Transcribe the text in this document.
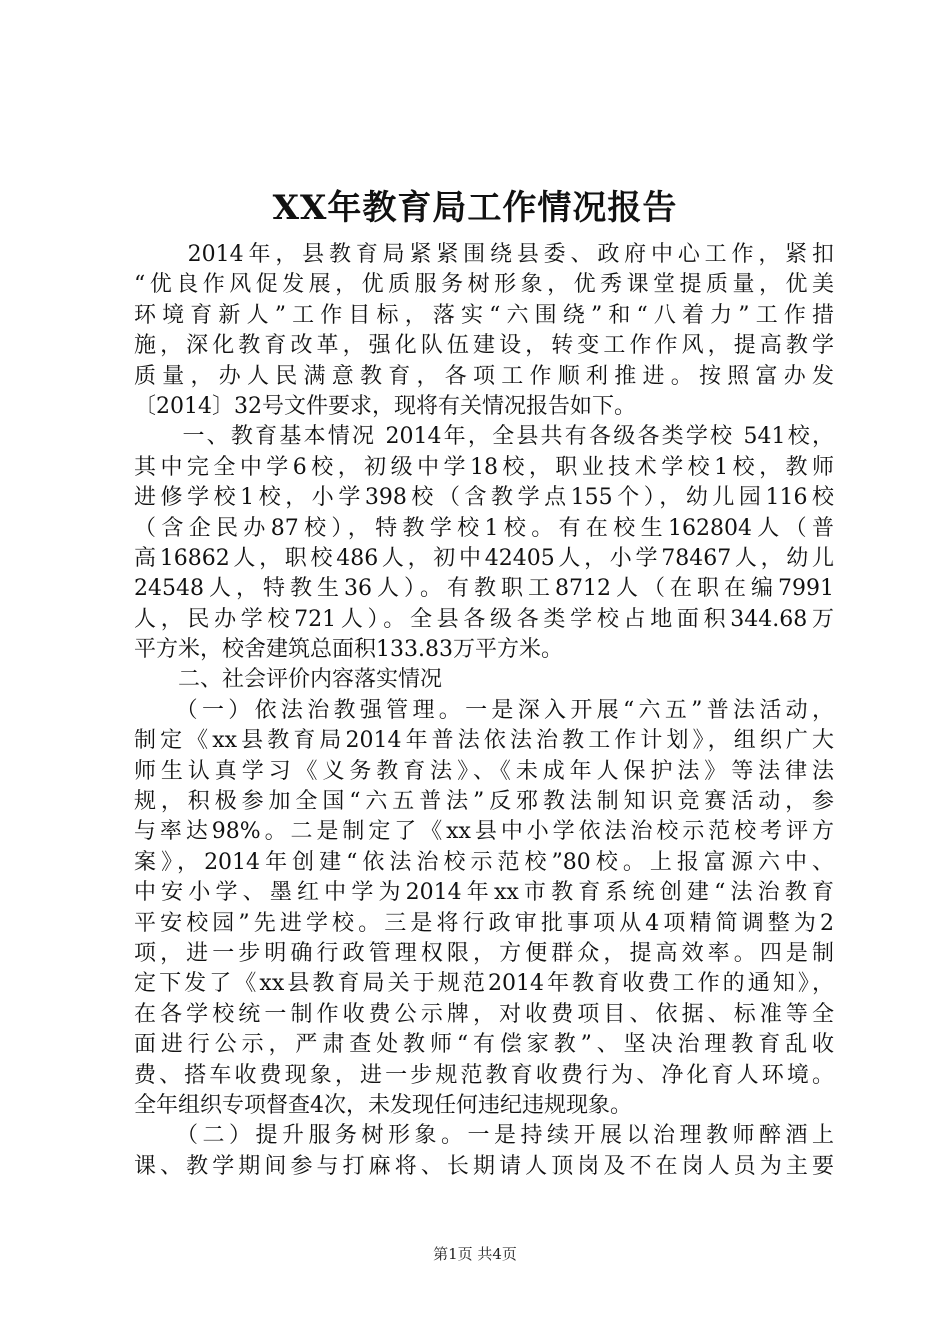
XX年教育局工作情况报告
　　2014年，县教育局紧紧围绕县委、政府中心工作，紧扣
“优良作风促发展，优质服务树形象，优秀课堂提质量，优美
环境育新人”工作目标，落实“六围绕”和“八着力”工作措
施，深化教育改革，强化队伍建设，转变工作作风，提高教学
质量，办人民满意教育，各项工作顺利推进。按照富办发
〔2014〕32号文件要求，现将有关情况报告如下。
　　一、教育基本情况 2014年，全县共有各级各类学校 541校，
其中完全中学6校，初级中学18校，职业技术学校1校，教师
进修学校1校，小学398校（含教学点155个），幼儿园116校
（含企民办87校），特教学校1校。有在校生162804人（普
高16862人，职校486人，初中42405人，小学78467人，幼儿
24548人，特教生36人）。有教职工8712人（在职在编7991
人，民办学校721人）。全县各级各类学校占地面积344.68万
平方米，校舍建筑总面积133.83万平方米。
　　二、社会评价内容落实情况
　　（一）依法治教强管理。一是深入开展“六五”普法活动，
制定《xx县教育局2014年普法依法治教工作计划》，组织广大
师生认真学习《义务教育法》、《未成年人保护法》等法律法
规，积极参加全国“六五普法”反邪教法制知识竞赛活动，参
与率达98%。二是制定了《xx县中小学依法治校示范校考评方
案》，2014年创建“依法治校示范校”80校。上报富源六中、
中安小学、墨红中学为2014年xx市教育系统创建“法治教育
平安校园”先进学校。三是将行政审批事项从4项精简调整为2
项，进一步明确行政管理权限，方便群众，提高效率。四是制
定下发了《xx县教育局关于规范2014年教育收费工作的通知》，
在各学校统一制作收费公示牌，对收费项目、依据、标准等全
面进行公示，严肃查处教师“有偿家教”、坚决治理教育乱收
费、搭车收费现象，进一步规范教育收费行为、净化育人环境。
全年组织专项督查4次，未发现任何违纪违规现象。
　　（二）提升服务树形象。一是持续开展以治理教师醉酒上
课、教学期间参与打麻将、长期请人顶岗及不在岗人员为主要
第1页 共4页
